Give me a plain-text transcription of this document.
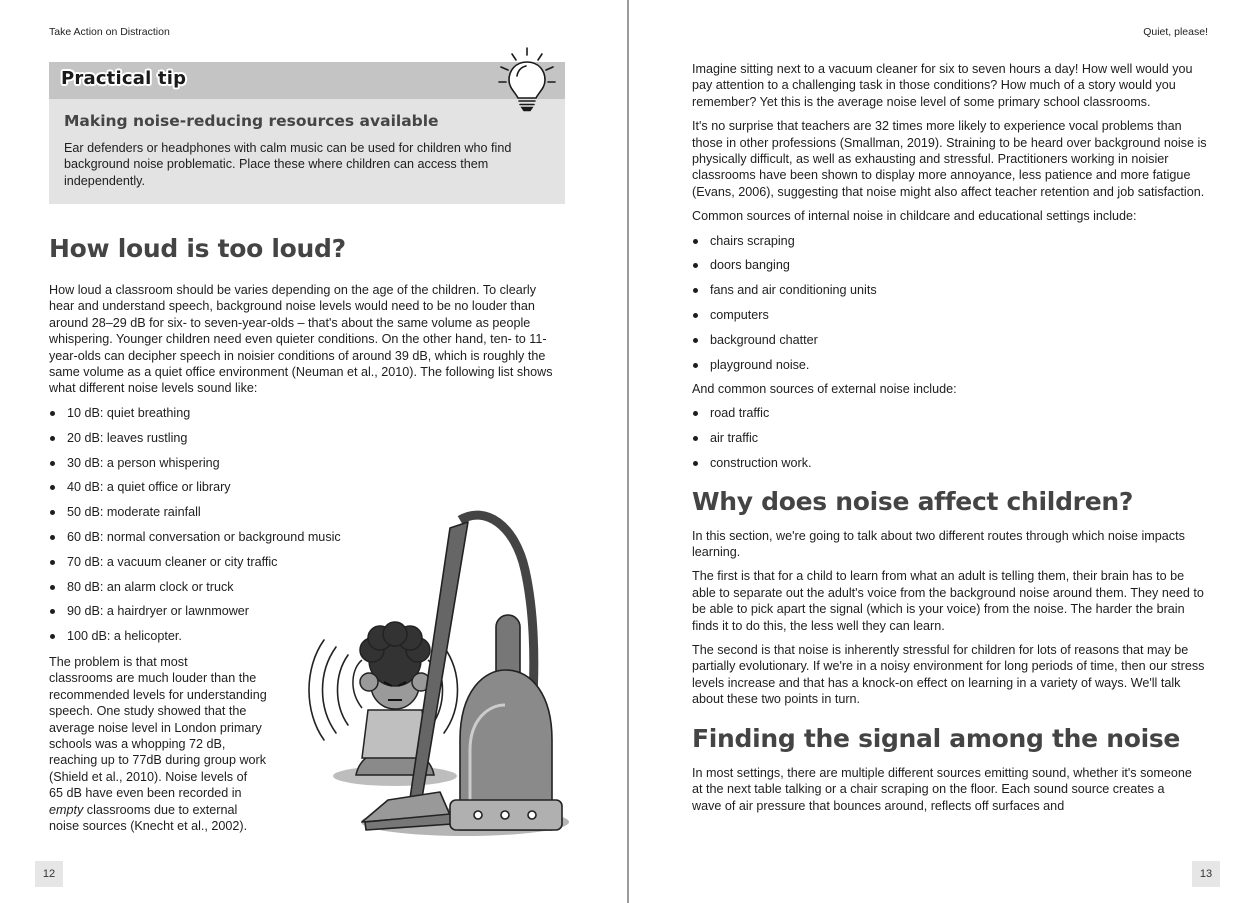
Take Action on Distraction
Practical tip
Making noise-reducing resources available

Ear defenders or headphones with calm music can be used for children who find background noise problematic. Place these where children can access them independently.

How loud is too loud?

How loud a classroom should be varies depending on the age of the children. To clearly hear and understand speech, background noise levels would need to be no louder than around 28–29 dB for six- to seven-year-olds – that's about the same volume as people whispering. Younger children need even quieter conditions. On the other hand, ten- to 11-year-olds can decipher speech in noisier conditions of around 39 dB, which is roughly the same volume as a quiet office environment (Neuman et al., 2010). The following list shows what different noise levels sound like:

10 dB: quiet breathing
20 dB: leaves rustling
30 dB: a person whispering
40 dB: a quiet office or library
50 dB: moderate rainfall
60 dB: normal conversation or background music
70 dB: a vacuum cleaner or city traffic
80 dB: an alarm clock or truck
90 dB: a hairdryer or lawnmower
100 dB: a helicopter.
The problem is that most
classrooms are much louder than the
recommended levels for understanding
speech. One study showed that the
average noise level in London primary
schools was a whopping 72 dB,
reaching up to 77dB during group work
(Shield et al., 2010). Noise levels of
65 dB have even been recorded in
empty classrooms due to external
noise sources (Knecht et al., 2002).
12
Quiet, please!

Imagine sitting next to a vacuum cleaner for six to seven hours a day! How well would you pay attention to a challenging task in those conditions? How much of a story would you remember? Yet this is the average noise level of some primary school classrooms.

It's no surprise that teachers are 32 times more likely to experience vocal problems than those in other professions (Smallman, 2019). Straining to be heard over background noise is physically difficult, as well as exhausting and stressful. Practitioners working in noisier classrooms have been shown to display more annoyance, less patience and more fatigue (Evans, 2006), suggesting that noise might also affect teacher retention and job satisfaction.

Common sources of internal noise in childcare and educational settings include:

chairs scraping
doors banging
fans and air conditioning units
computers
background chatter
playground noise.

And common sources of external noise include:

road traffic
air traffic
construction work.
Why does noise affect children?

In this section, we're going to talk about two different routes through which noise impacts learning.

The first is that for a child to learn from what an adult is telling them, their brain has to be able to separate out the adult's voice from the background noise around them. They need to be able to pick apart the signal (which is your voice) from the noise. The harder the brain finds it to do this, the less well they can learn.

The second is that noise is inherently stressful for children for lots of reasons that may be partially evolutionary. If we're in a noisy environment for long periods of time, then our stress levels increase and that has a knock-on effect on learning in a variety of ways. We'll talk about these two points in turn.

Finding the signal among the noise

In most settings, there are multiple different sources emitting sound, whether it's someone at the next table talking or a chair scraping on the floor. Each sound source creates a wave of air pressure that bounces around, reflects off surfaces and

13
